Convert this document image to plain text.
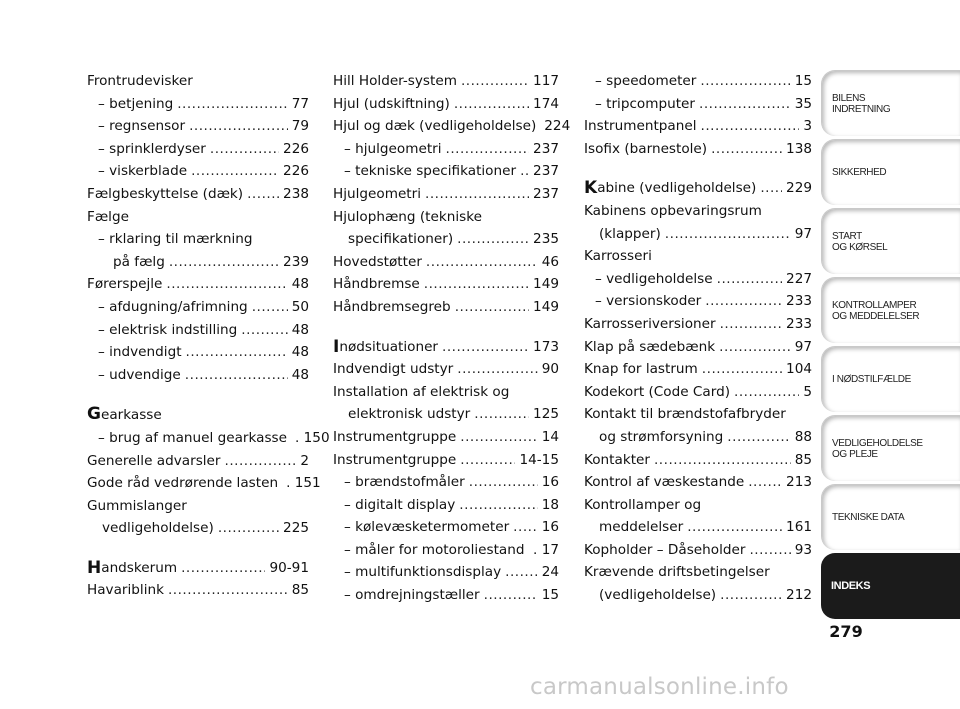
Frontrudevisker
– betjening .....	77
– regnsensor .....	79
– sprinklerdyser .....	226
– viskerblade .....	226
Fælgbeskyttelse (dæk) .....	238
Fælge
– rklaring til mærkning
på fælg .....	239
Førerspejle .....	48
– afdugning/afrimning .....	50
– elektrisk indstilling .....	48
– indvendigt .....	48
– udvendige .....	48
Gearkasse
– brug af manuel gearkasse . 150
Generelle advarsler .....	2
Gode råd vedrørende lasten . 151
Gummislanger
vedligeholdelse) .....	225
H andskerum .....	90-91
Havariblink .....	85
Hill Holder-system .....	117
Hjul (udskiftning) .....	174
Hjul og dæk (vedligeholdelse) 224
– hjulgeometri .....	237
– tekniske specifikationer ..... 237
Hjulgeometri .....	237
Hjulophæng (tekniske
specifikationer) .....	235
Hovedstøtter .....	46
Håndbremse .....	149
Håndbremsegreb .....	149
I nødsituationer .....	173
Indvendigt udstyr .....	90
Installation af elektrisk og
elektronisk udstyr .....	125
Instrumentgruppe .....	14
Instrumentgruppe .....	14-15
– brændstofmåler .....	16
– digitalt display .....	18
– kølevæsketermometer ..... 16
– måler for motoroliestand ..... . 17
– multifunktionsdisplay .....	24
– omdrejningstæller .....	15
– speedometer .....	15
– tripcomputer .....	35
Instrumentpanel .....	3
Isofix (barnestole) .....	138
K abine (vedligeholdelse) ..... 229
Kabinens opbevaringsrum
(klapper) .....	97
Karrosseri
– vedligeholdelse .....	227
– versionskoder .....	233
Karrosseriversioner .....	233
Klap på sædebænk .....	97
Knap for lastrum .....	104
Kodekort (Code Card) .....	5
Kontakt til brændstofafbryder
og strømforsyning .....	88
Kontakter .....	85
Kontrol af væskestande .....	213
Kontrollamper og
meddelelser .....	161
Kopholder – Dåseholder .....	93
Krævende driftsbetingelser
(vedligeholdelse) .....	212
BILENS
INDRETNING
SIKKERHED
START
OG KØRSEL
KONTROLLAMPER
OG MEDDELELSER
I NØDSTILFÆLDE
VEDLIGEHOLDELSE
OG PLEJE
TEKNISKE DATA
INDEKS
279
carmanualsonline.info
